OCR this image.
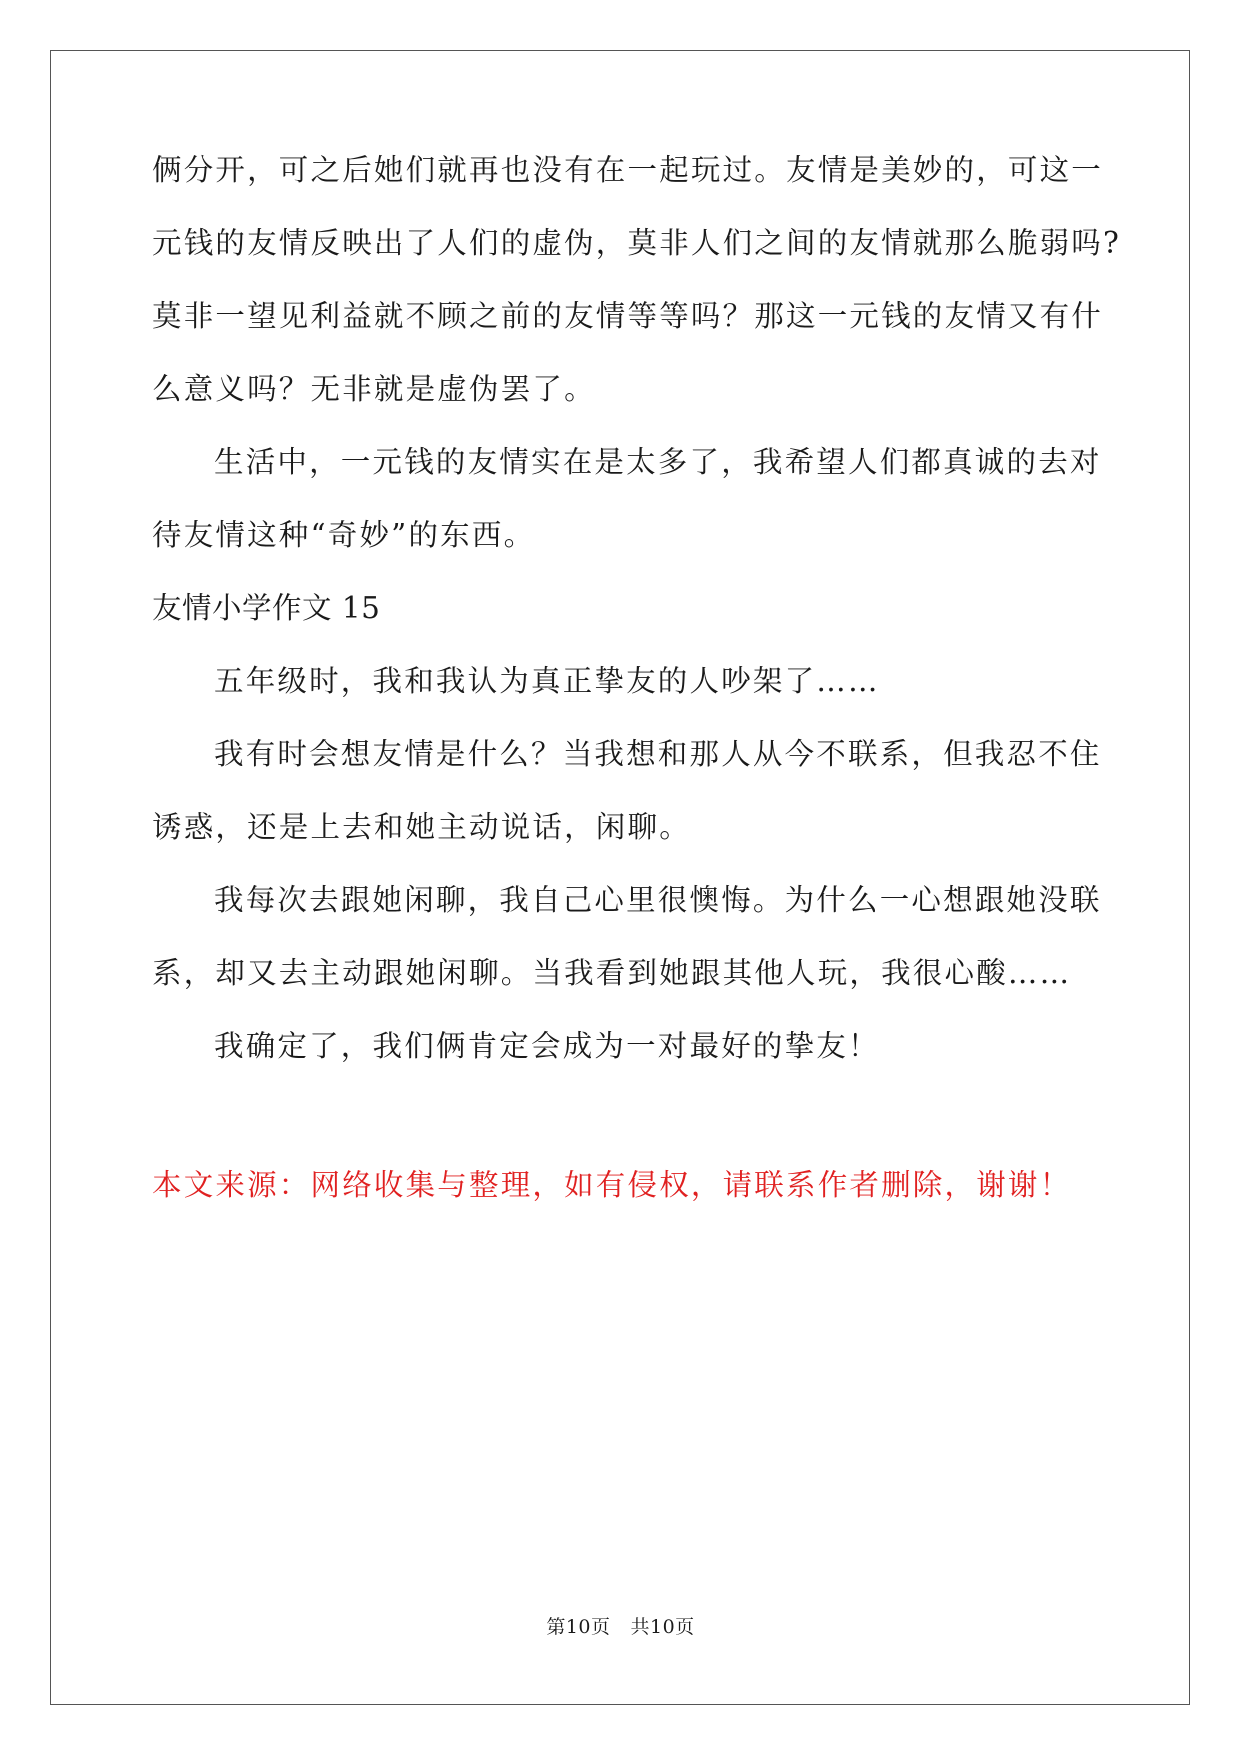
俩分开，可之后她们就再也没有在一起玩过。友情是美妙的，可这一
元钱的友情反映出了人们的虚伪，莫非人们之间的友情就那么脆弱吗?
莫非一望见利益就不顾之前的友情等等吗？那这一元钱的友情又有什
么意义吗？无非就是虚伪罢了。
生活中，一元钱的友情实在是太多了，我希望人们都真诚的去对
待友情这种“奇妙”的东西。
友情小学作文 15
五年级时，我和我认为真正挚友的人吵架了……
我有时会想友情是什么？当我想和那人从今不联系，但我忍不住
诱惑，还是上去和她主动说话，闲聊。
我每次去跟她闲聊，我自己心里很懊悔。为什么一心想跟她没联
系，却又去主动跟她闲聊。当我看到她跟其他人玩，我很心酸……
我确定了，我们俩肯定会成为一对最好的挚友！
本文来源：网络收集与整理，如有侵权，请联系作者删除，谢谢！
第10页 共10页
